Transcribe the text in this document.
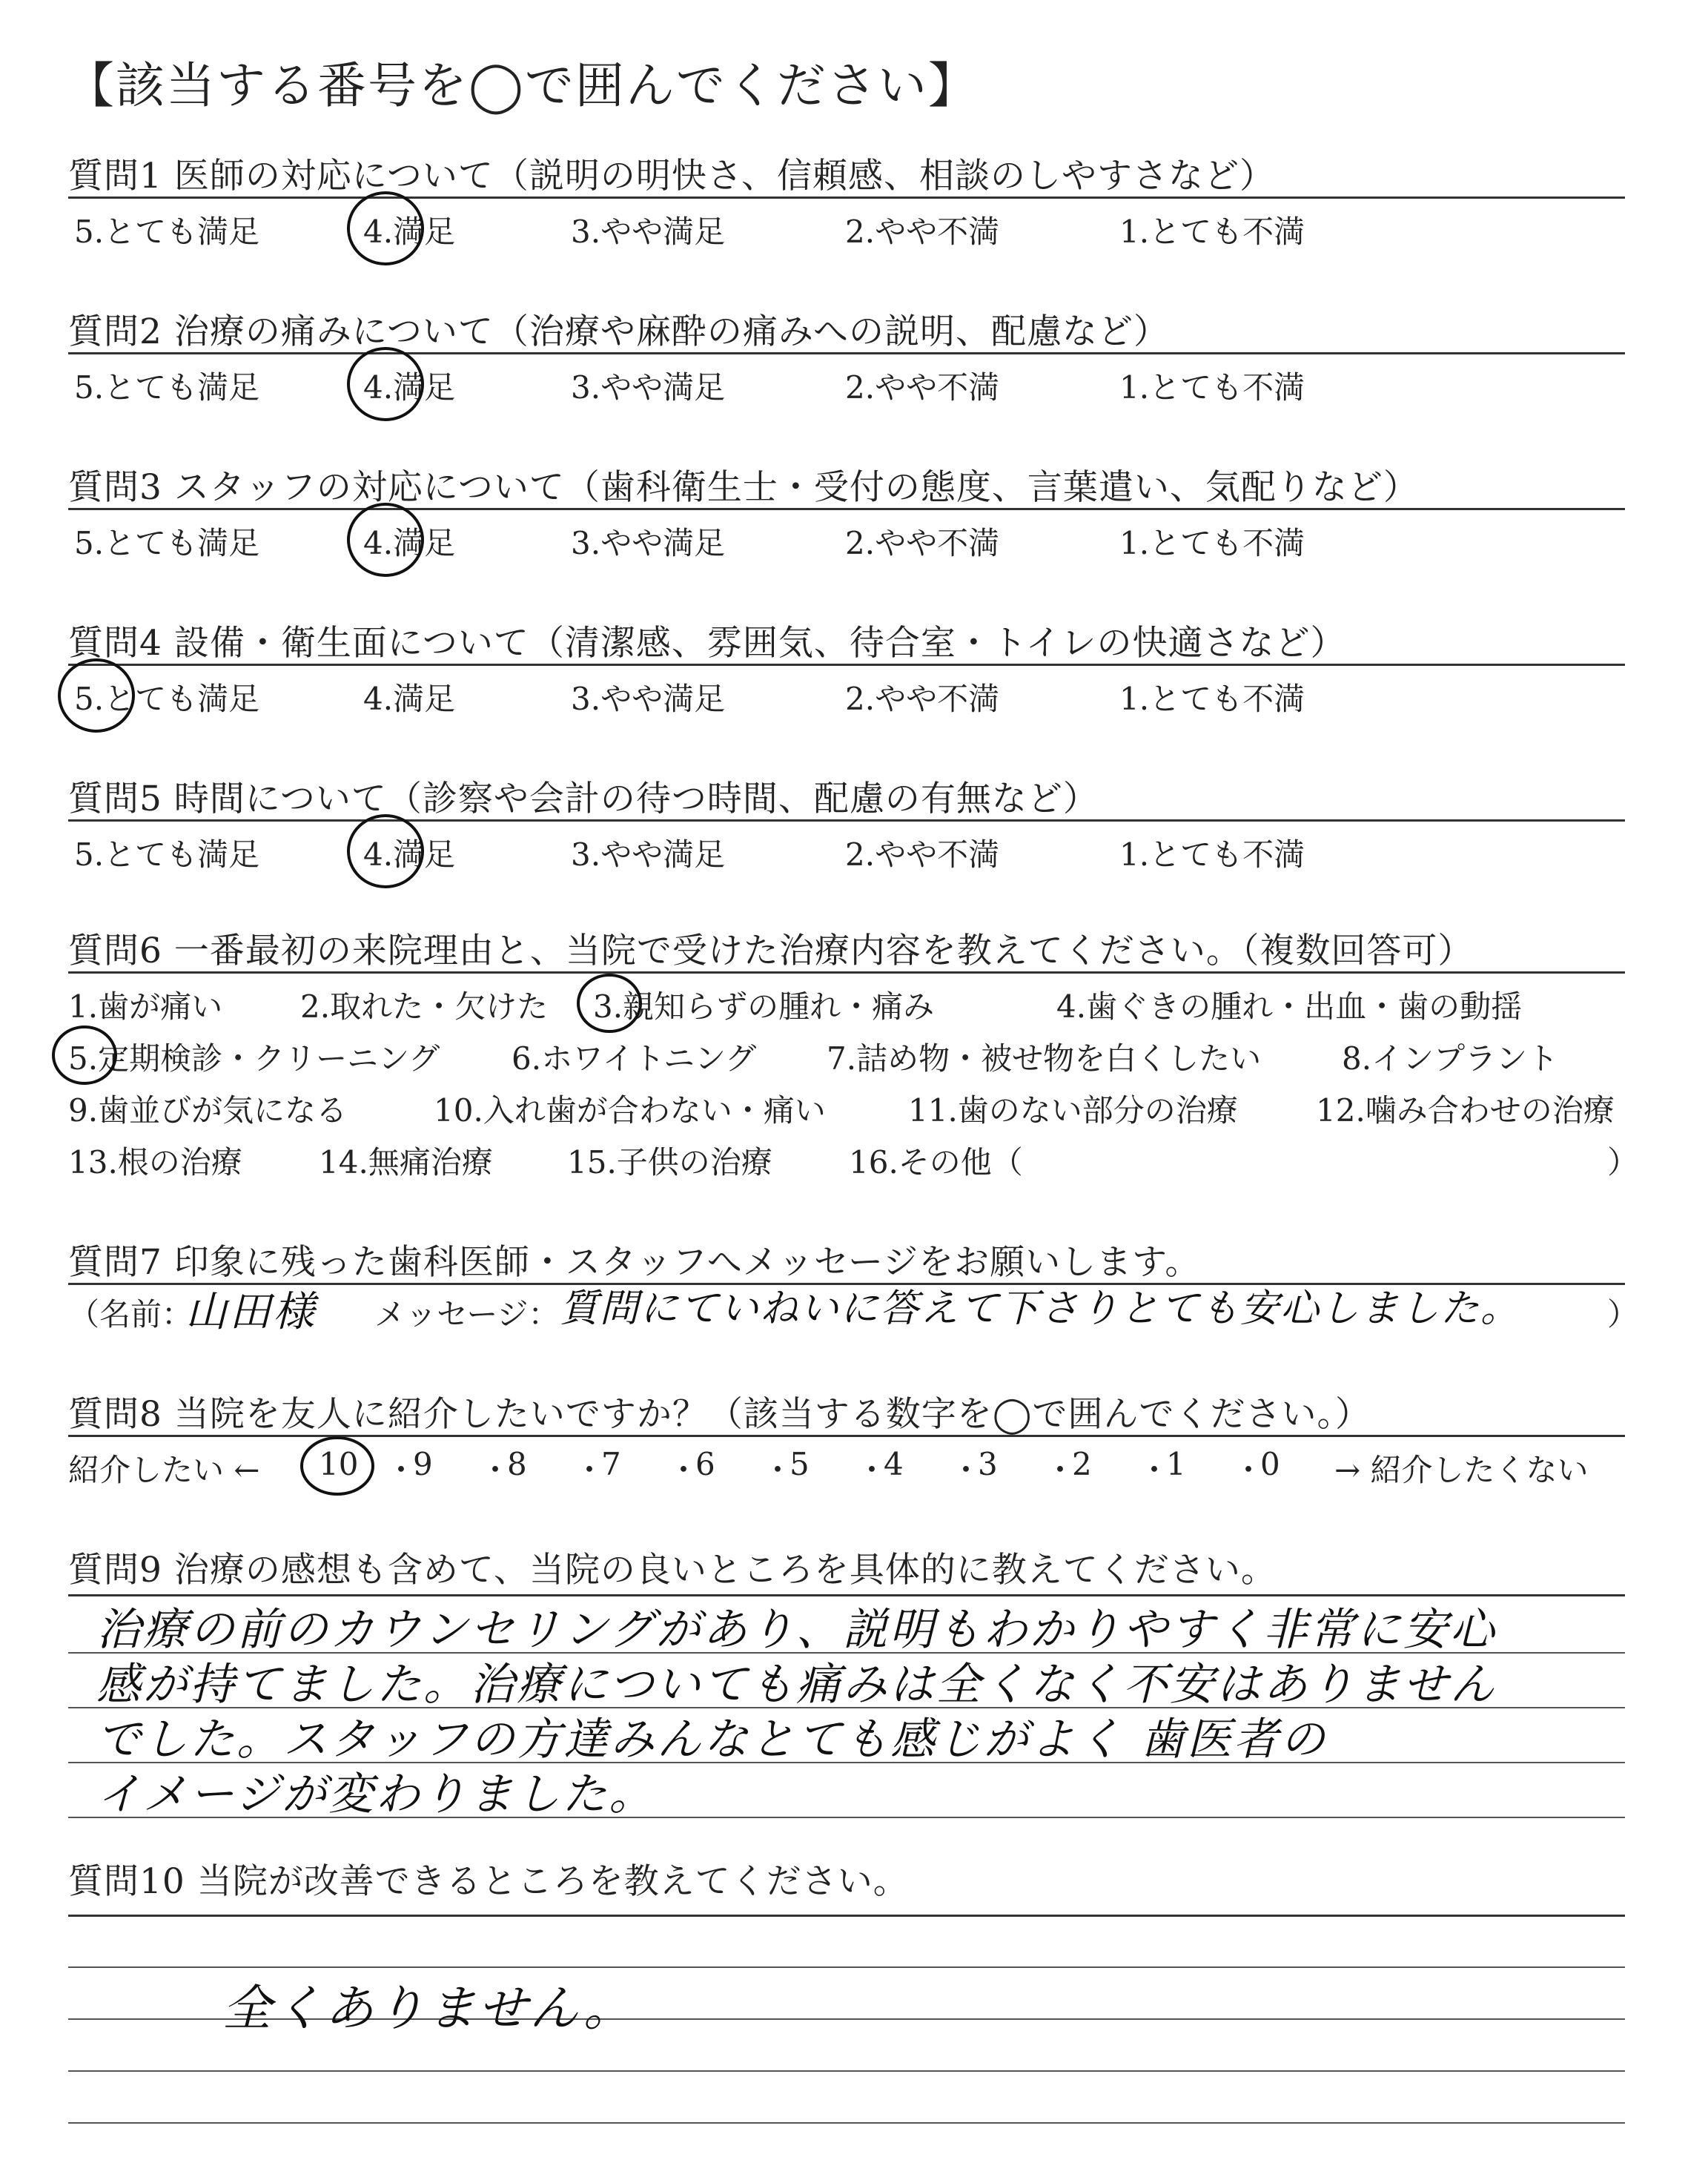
【該当する番号を◯で囲んでください】
質問1 医師の対応について（説明の明快さ、信頼感、相談のしやすさなど）
5.とても満足	4.満足	3.やや満足	2.やや不満	1.とても不満
質問2 治療の痛みについて（治療や麻酔の痛みへの説明、配慮など）
5.とても満足	4.満足	3.やや満足	2.やや不満	1.とても不満
質問3 スタッフの対応について（歯科衛生士・受付の態度、言葉遣い、気配りなど）
5.とても満足	4.満足	3.やや満足	2.やや不満	1.とても不満
質問4 設備・衛生面について（清潔感、雰囲気、待合室・トイレの快適さなど）
5.とても満足	4.満足	3.やや満足	2.やや不満	1.とても不満
質問5 時間について（診察や会計の待つ時間、配慮の有無など）
5.とても満足	4.満足	3.やや満足	2.やや不満	1.とても不満
質問6 一番最初の来院理由と、当院で受けた治療内容を教えてください。（複数回答可）
1.歯が痛い 2.取れた・欠けた 3.親知らずの腫れ・痛み	4.歯ぐきの腫れ・出血・歯の動揺
5.定期検診・クリーニング 6.ホワイトニング 7.詰め物・被せ物を白くしたい	8.インプラント
9.歯並びが気になる	10.入れ歯が合わない・痛い	11.歯のない部分の治療	12.噛み合わせの治療
13.根の治療 14.無痛治療 15.子供の治療 16.その他（	）
質問7 印象に残った歯科医師・スタッフへメッセージをお願いします。
（名前：
山田様 メッセージ： 質問にていねいに答えて下さりとても安心しました。	）
質問8 当院を友人に紹介したいですか？（該当する数字を◯で囲んでください。）
紹介したい ← 10 ・
9 ・
8 ・
7 ・
6 ・
5 ・
4 ・
3 ・
2 ・
1 ・
0 → 紹介したくない
質問9 治療の感想も含めて、当院の良いところを具体的に教えてください。
治療の前のカウンセリングがあり、説明もわかりやすく非常に安心
感が持てました。治療についても痛みは全くなく不安はありません
でした。スタッフの方達みんなとても感じがよく 歯医者の
イメージが変わりました。
質問10 当院が改善できるところを教えてください。
全くありません。
